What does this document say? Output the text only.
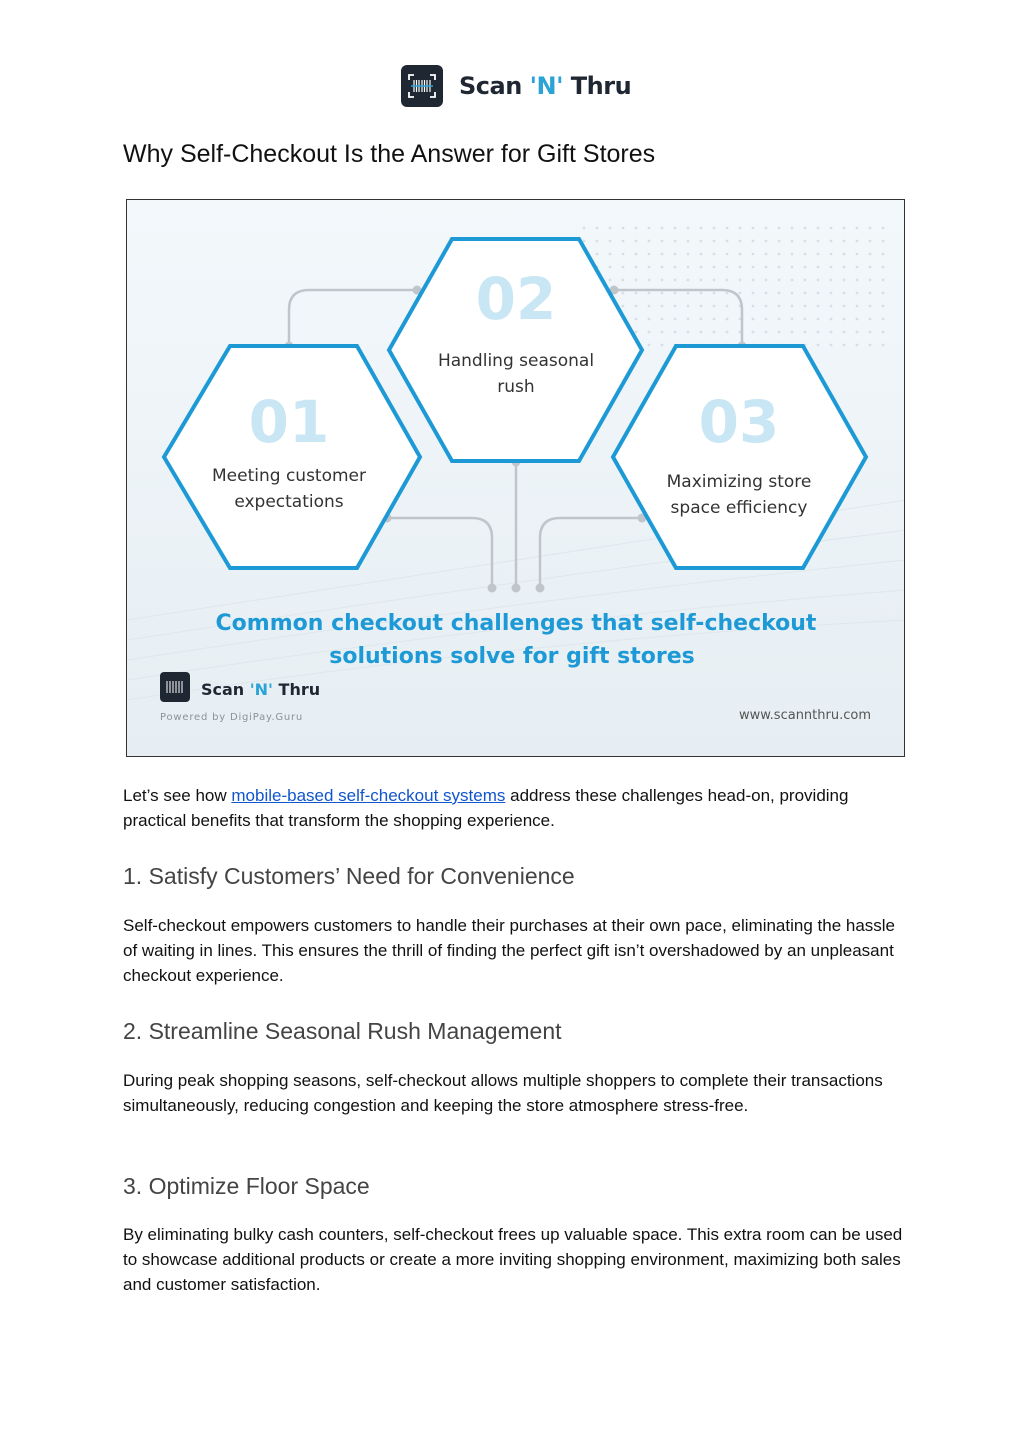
Scan 'N' Thru
Why Self-Checkout Is the Answer for Gift Stores
01
Meeting customer
expectations
02
Handling seasonal
rush
03
Maximizing store
space efficiency
Common checkout challenges that self-checkout
solutions solve for gift stores
Scan 'N' Thru
Powered by DigiPay.Guru	www.scannthru.com

Let’s see how mobile-based self-checkout systems address these challenges head-on, providing practical benefits that transform the shopping experience.

1. Satisfy Customers’ Need for Convenience

Self-checkout empowers customers to handle their purchases at their own pace, eliminating the hassle of waiting in lines. This ensures the thrill of finding the perfect gift isn’t overshadowed by an unpleasant checkout experience.

2. Streamline Seasonal Rush Management

During peak shopping seasons, self-checkout allows multiple shoppers to complete their transactions simultaneously, reducing congestion and keeping the store atmosphere stress-free.

3. Optimize Floor Space

By eliminating bulky cash counters, self-checkout frees up valuable space. This extra room can be used to showcase additional products or create a more inviting shopping environment, maximizing both sales and customer satisfaction.
